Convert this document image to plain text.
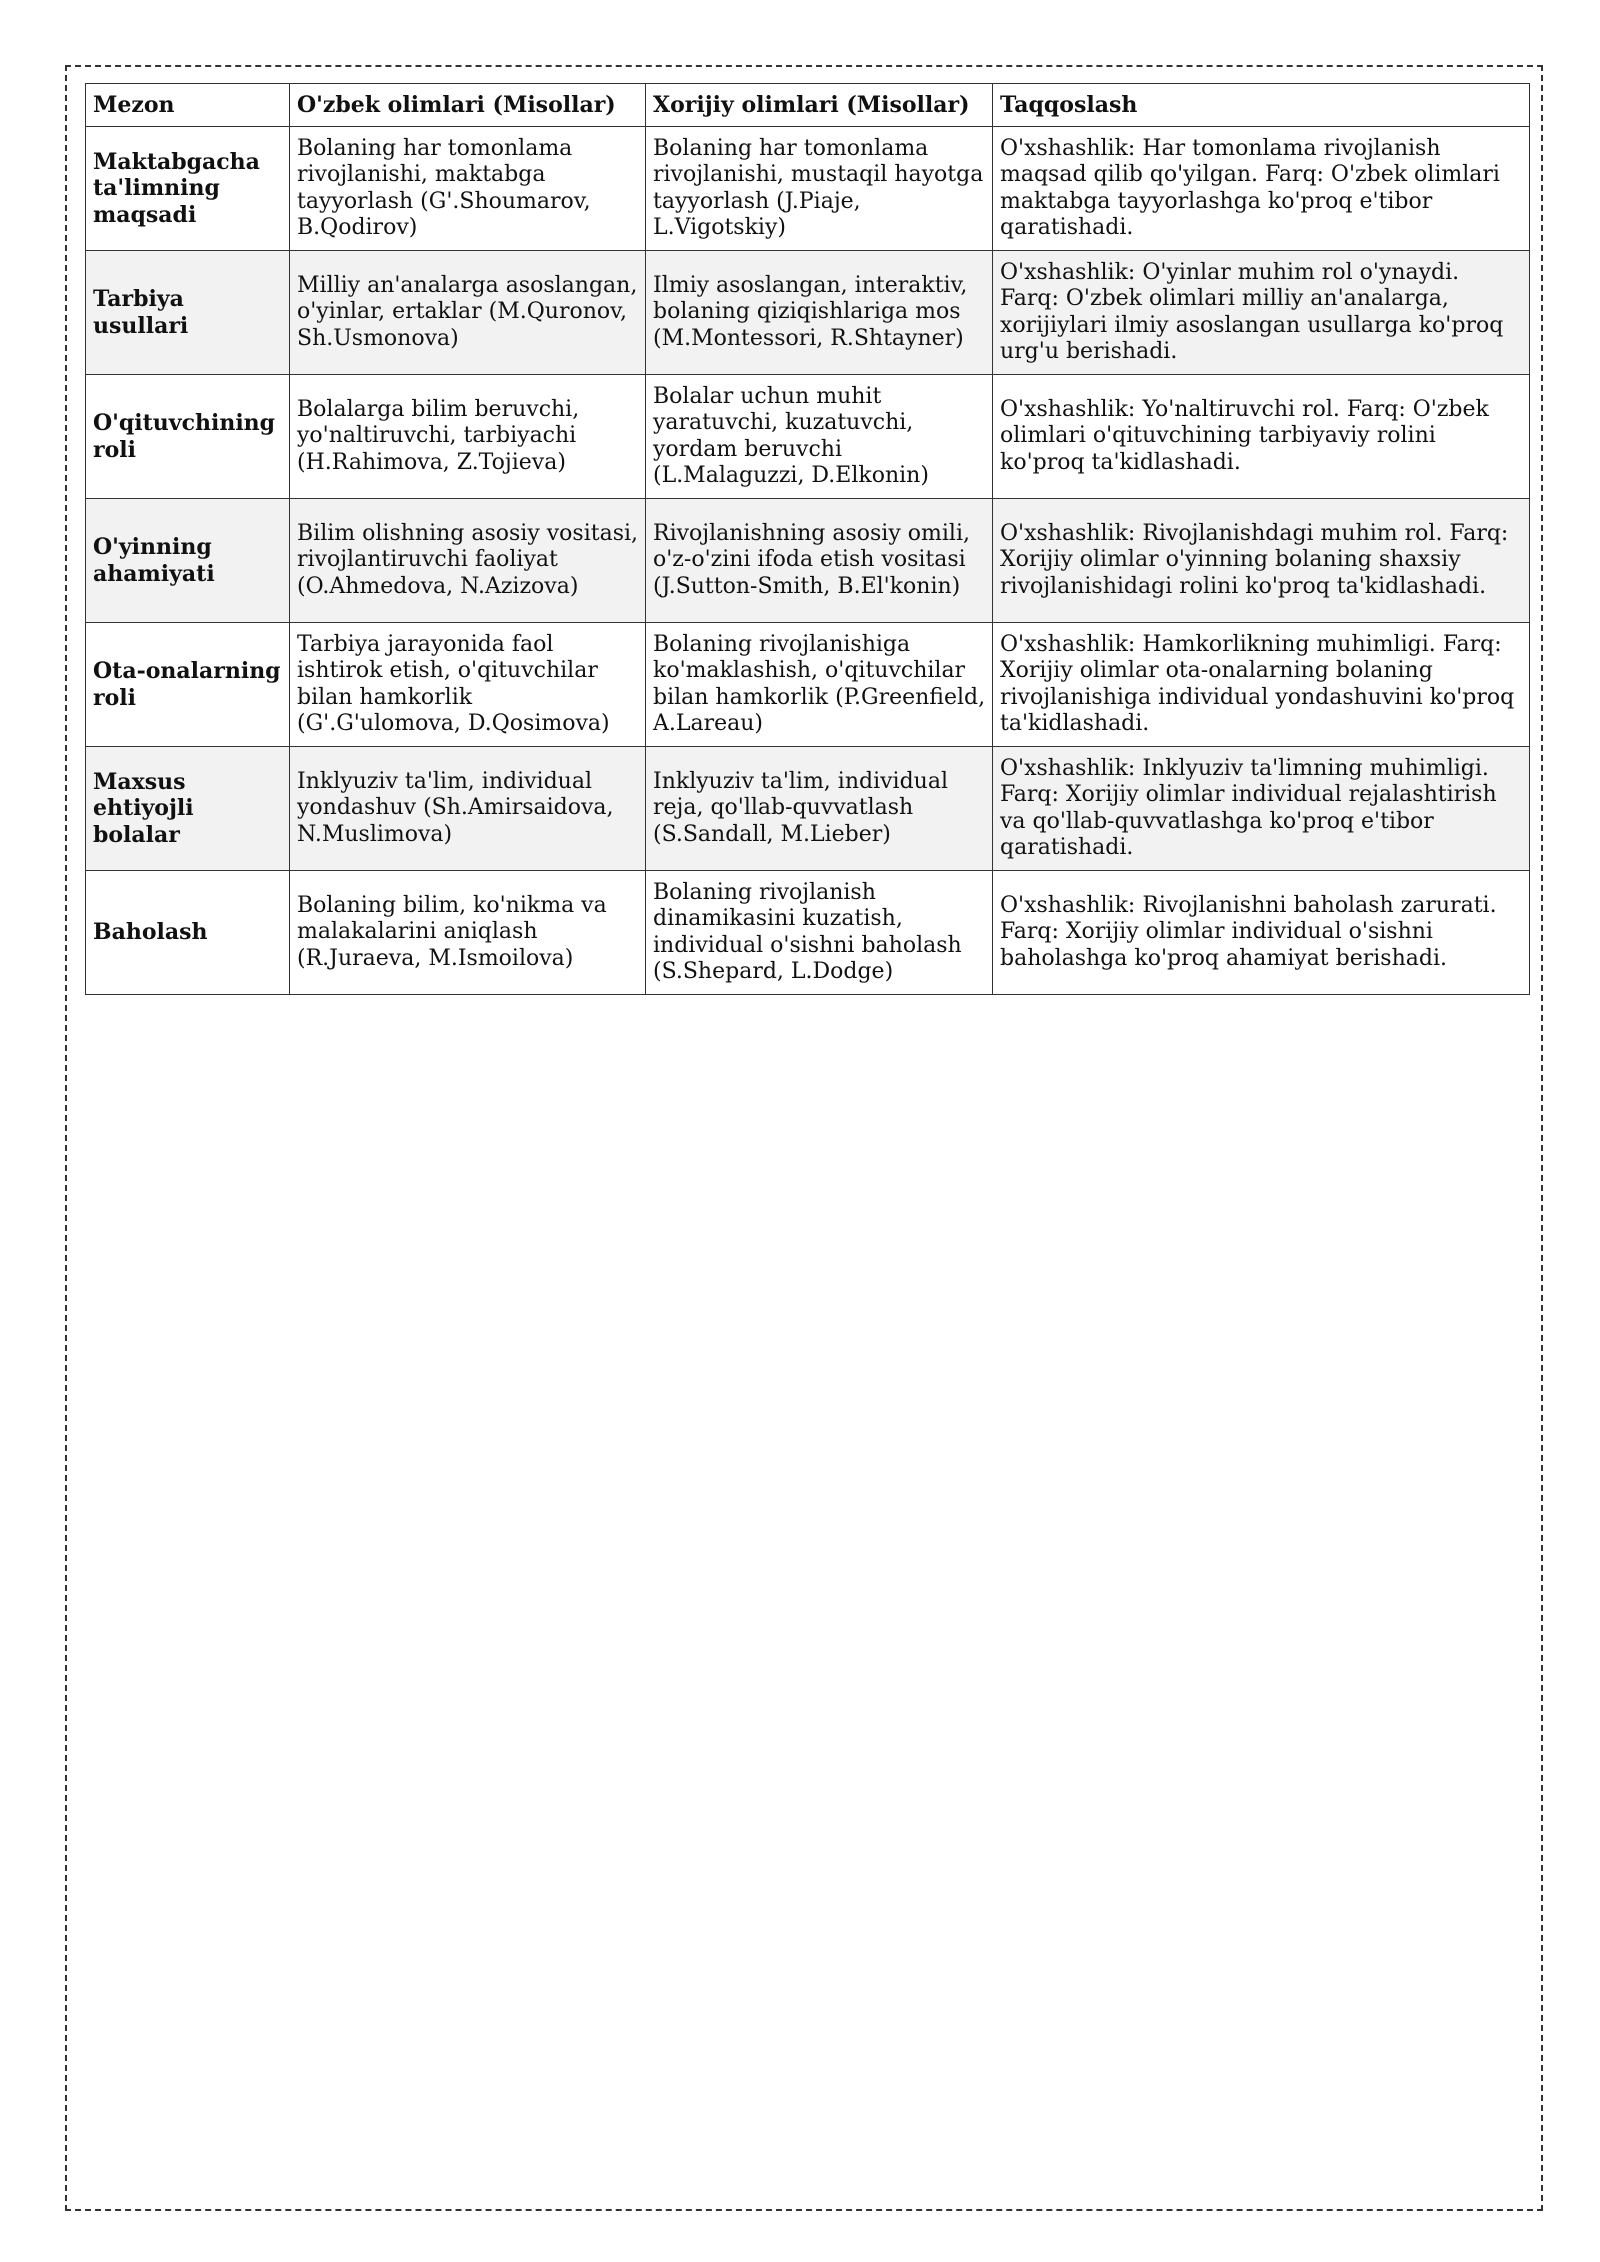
Mezon	O'zbek olimlari (Misollar)	Xorijiy olimlari (Misollar)	Taqqoslash
Maktabgacha ta'limning maqsadi	Bolaning har tomonlama rivojlanishi, maktabga tayyorlash (G'.Shoumarov, B.Qodirov)	Bolaning har tomonlama rivojlanishi, mustaqil hayotga tayyorlash (J.Piaje, L.Vigotskiy)	O'xshashlik: Har tomonlama rivojlanish maqsad qilib qo'yilgan. Farq: O'zbek olimlari maktabga tayyorlashga ko'proq e'tibor qaratishadi.
Tarbiya usullari	Milliy an'analarga asoslangan, o'yinlar, ertaklar (M.Quronov, Sh.Usmonova)	Ilmiy asoslangan, interaktiv, bolaning qiziqishlariga mos (M.Montessori, R.Shtayner)	O'xshashlik: O'yinlar muhim rol o'ynaydi. Farq: O'zbek olimlari milliy an'analarga, xorijiylari ilmiy asoslangan usullarga ko'proq urg'u berishadi.
O'qituvchining roli	Bolalarga bilim beruvchi, yo'naltiruvchi, tarbiyachi (H.Rahimova, Z.Tojieva)	Bolalar uchun muhit yaratuvchi, kuzatuvchi, yordam beruvchi (L.Malaguzzi, D.Elkonin)	O'xshashlik: Yo'naltiruvchi rol. Farq: O'zbek olimlari o'qituvchining tarbiyaviy rolini ko'proq ta'kidlashadi.
O'yinning ahamiyati	Bilim olishning asosiy vositasi, rivojlantiruvchi faoliyat (O.Ahmedova, N.Azizova)	Rivojlanishning asosiy omili, o'z-o'zini ifoda etish vositasi (J.Sutton-Smith, B.El'konin)	O'xshashlik: Rivojlanishdagi muhim rol. Farq: Xorijiy olimlar o'yinning bolaning shaxsiy rivojlanishidagi rolini ko'proq ta'kidlashadi.
Ota-onalarning roli	Tarbiya jarayonida faol ishtirok etish, o'qituvchilar bilan hamkorlik (G'.G'ulomova, D.Qosimova)	Bolaning rivojlanishiga ko'maklashish, o'qituvchilar bilan hamkorlik (P.Greenfield, A.Lareau)	O'xshashlik: Hamkorlikning muhimligi. Farq: Xorijiy olimlar ota-onalarning bolaning rivojlanishiga individual yondashuvini ko'proq ta'kidlashadi.
Maxsus ehtiyojli bolalar	Inklyuziv ta'lim, individual yondashuv (Sh.Amirsaidova, N.Muslimova)	Inklyuziv ta'lim, individual reja, qo'llab-quvvatlash (S.Sandall, M.Lieber)	O'xshashlik: Inklyuziv ta'limning muhimligi. Farq: Xorijiy olimlar individual rejalashtirish va qo'llab-quvvatlashga ko'proq e'tibor qaratishadi.
Baholash	Bolaning bilim, ko'nikma va malakalarini aniqlash (R.Juraeva, M.Ismoilova)	Bolaning rivojlanish dinamikasini kuzatish, individual o'sishni baholash (S.Shepard, L.Dodge)	O'xshashlik: Rivojlanishni baholash zarurati. Farq: Xorijiy olimlar individual o'sishni baholashga ko'proq ahamiyat berishadi.
